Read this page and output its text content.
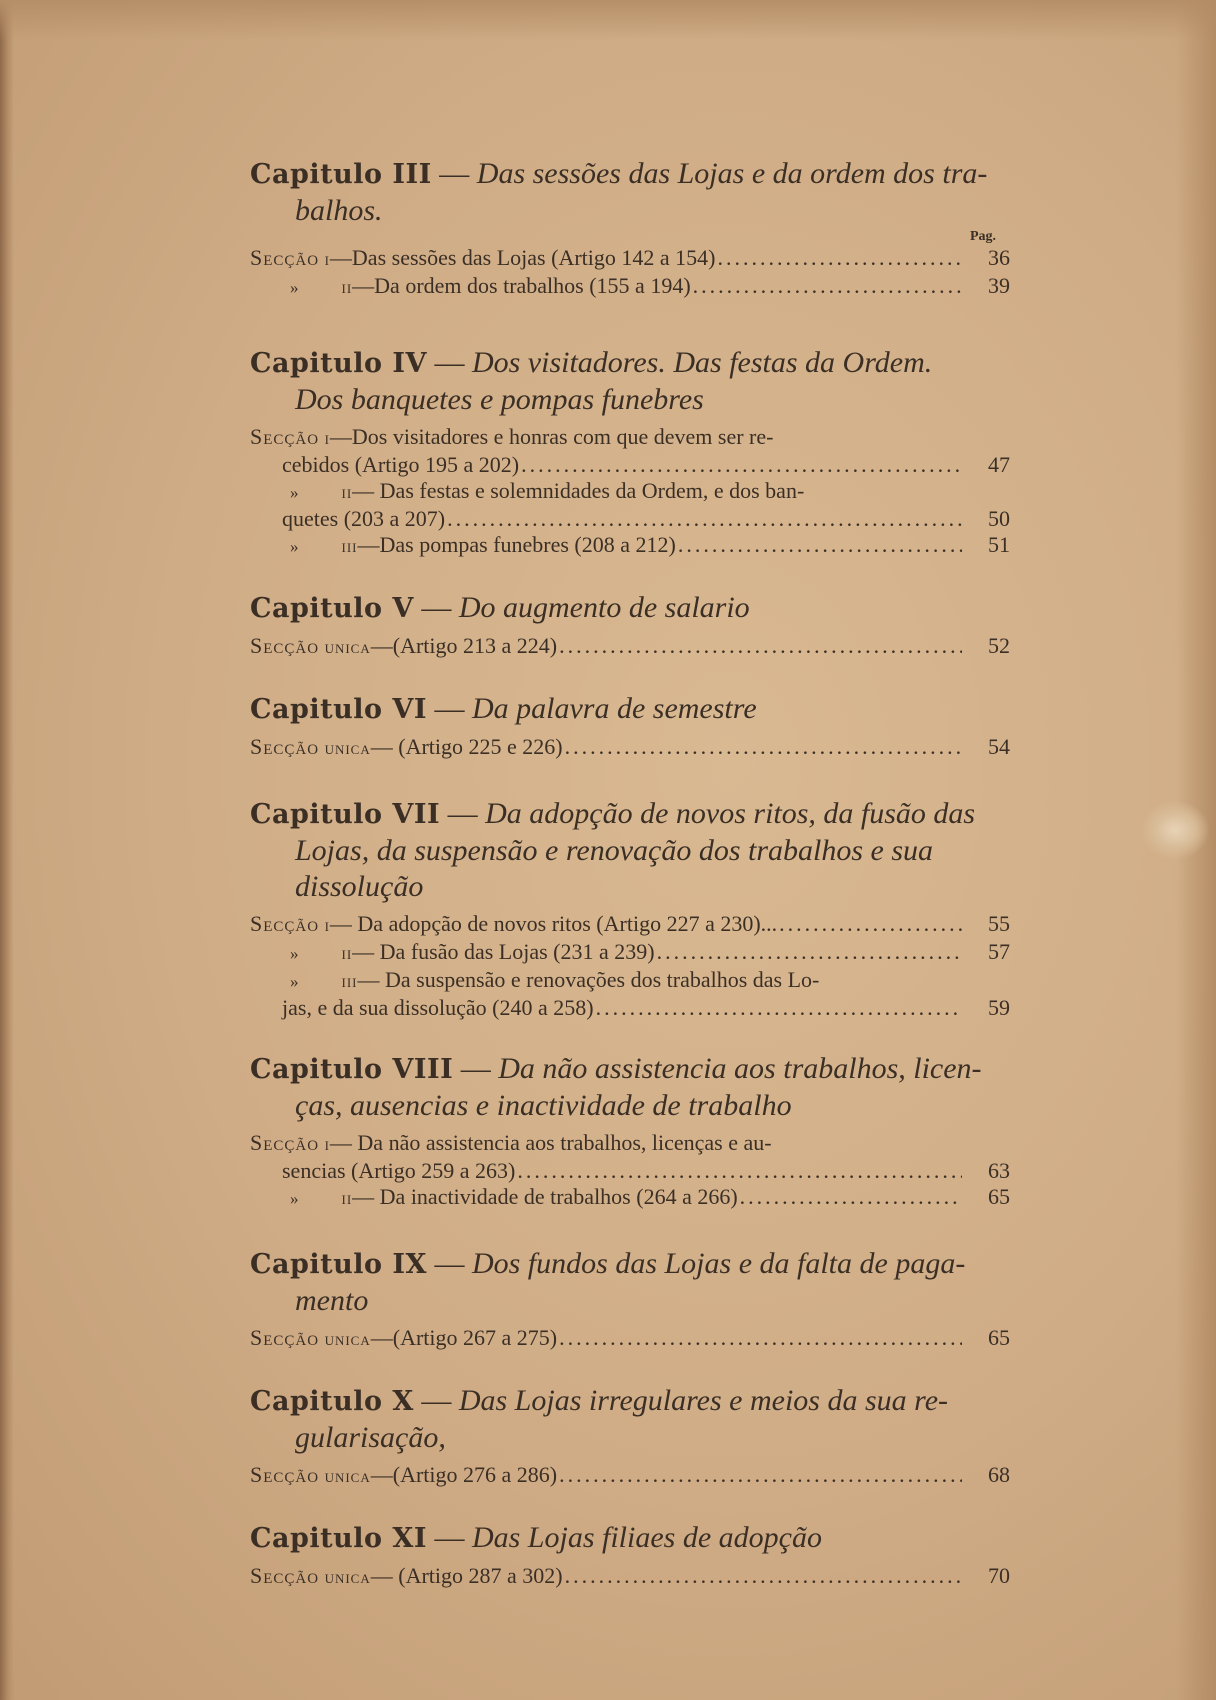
Capitulo III — Das sessões das Lojas e da ordem dos tra-
balhos.

Pag.

Secção i —Das sessões das Lojas (Artigo 142 a 154) .....	36
» ii —Da ordem dos trabalhos (155 a 194) .....	39

Capitulo IV — Dos visitadores. Das festas da Ordem.
Dos banquetes e pompas funebres

Secção i—Dos visitadores e honras com que devem ser re-
cebidos (Artigo 195 a 202) .....	47
» ii— Das festas e solemnidades da Ordem, e dos ban-
quetes (203 a 207) .....	50
» iii —Das pompas funebres (208 a 212) .....	51

Capitulo V — Do augmento de salario

Secção unica —(Artigo 213 a 224) .....	52

Capitulo VI — Da palavra de semestre

Secção unica — (Artigo 225 e 226) .....	54

Capitulo VII — Da adopção de novos ritos, da fusão das
Lojas, da suspensão e renovação dos trabalhos e sua
dissolução

Secção i — Da adopção de novos ritos (Artigo 227 a 230)... .....	55
» ii — Da fusão das Lojas (231 a 239) .....	57
» iii— Da suspensão e renovações dos trabalhos das Lo-
jas, e da sua dissolução (240 a 258) .....	59

Capitulo VIII — Da não assistencia aos trabalhos, licen-
ças, ausencias e inactividade de trabalho

Secção i— Da não assistencia aos trabalhos, licenças e au-
sencias (Artigo 259 a 263) .....	63
» ii — Da inactividade de trabalhos (264 a 266) .....	65

Capitulo IX — Dos fundos das Lojas e da falta de paga-
mento

Secção unica —(Artigo 267 a 275) .....	65

Capitulo X — Das Lojas irregulares e meios da sua re-
gularisação,

Secção unica —(Artigo 276 a 286) .....	68

Capitulo XI — Das Lojas filiaes de adopção

Secção unica — (Artigo 287 a 302) .....	70
